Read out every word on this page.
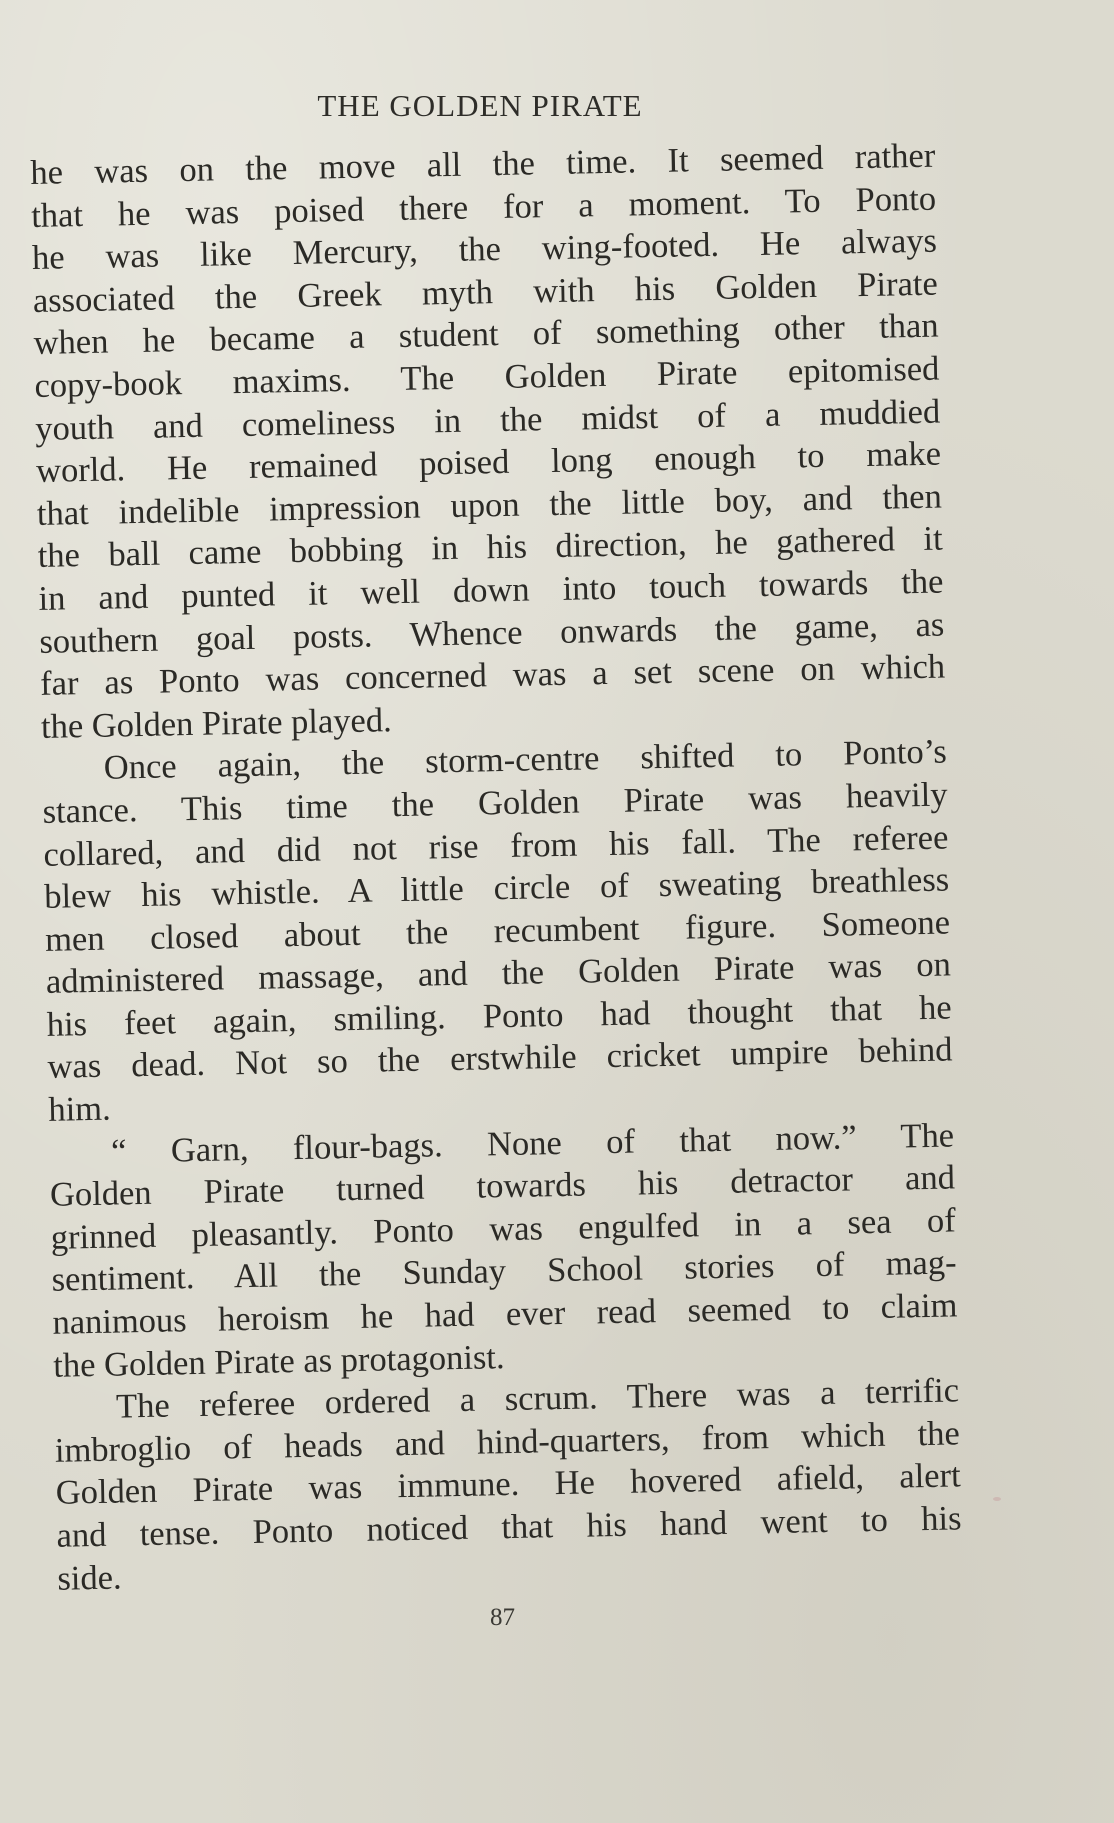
THE GOLDEN PIRATE
he was on the move all the time. It seemed rather
that he was poised there for a moment. To Ponto
he was like Mercury, the wing-footed. He always
associated the Greek myth with his Golden Pirate
when he became a student of something other than
copy-book maxims. The Golden Pirate epitomised
youth and comeliness in the midst of a muddied
world. He remained poised long enough to make
that indelible impression upon the little boy, and then
the ball came bobbing in his direction, he gathered it
in and punted it well down into touch towards the
southern goal posts. Whence onwards the game, as
far as Ponto was concerned was a set scene on which
the Golden Pirate played.
Once again, the storm-centre shifted to Ponto’s
stance. This time the Golden Pirate was heavily
collared, and did not rise from his fall. The referee
blew his whistle. A little circle of sweating breathless
men closed about the recumbent figure. Someone
administered massage, and the Golden Pirate was on
his feet again, smiling. Ponto had thought that he
was dead. Not so the erstwhile cricket umpire behind
him.
“ Garn, flour-bags. None of that now.” The
Golden Pirate turned towards his detractor and
grinned pleasantly. Ponto was engulfed in a sea of
sentiment. All the Sunday School stories of mag-
nanimous heroism he had ever read seemed to claim
the Golden Pirate as protagonist.
The referee ordered a scrum. There was a terrific
imbroglio of heads and hind-quarters, from which the
Golden Pirate was immune. He hovered afield, alert
and tense. Ponto noticed that his hand went to his
side.
87
